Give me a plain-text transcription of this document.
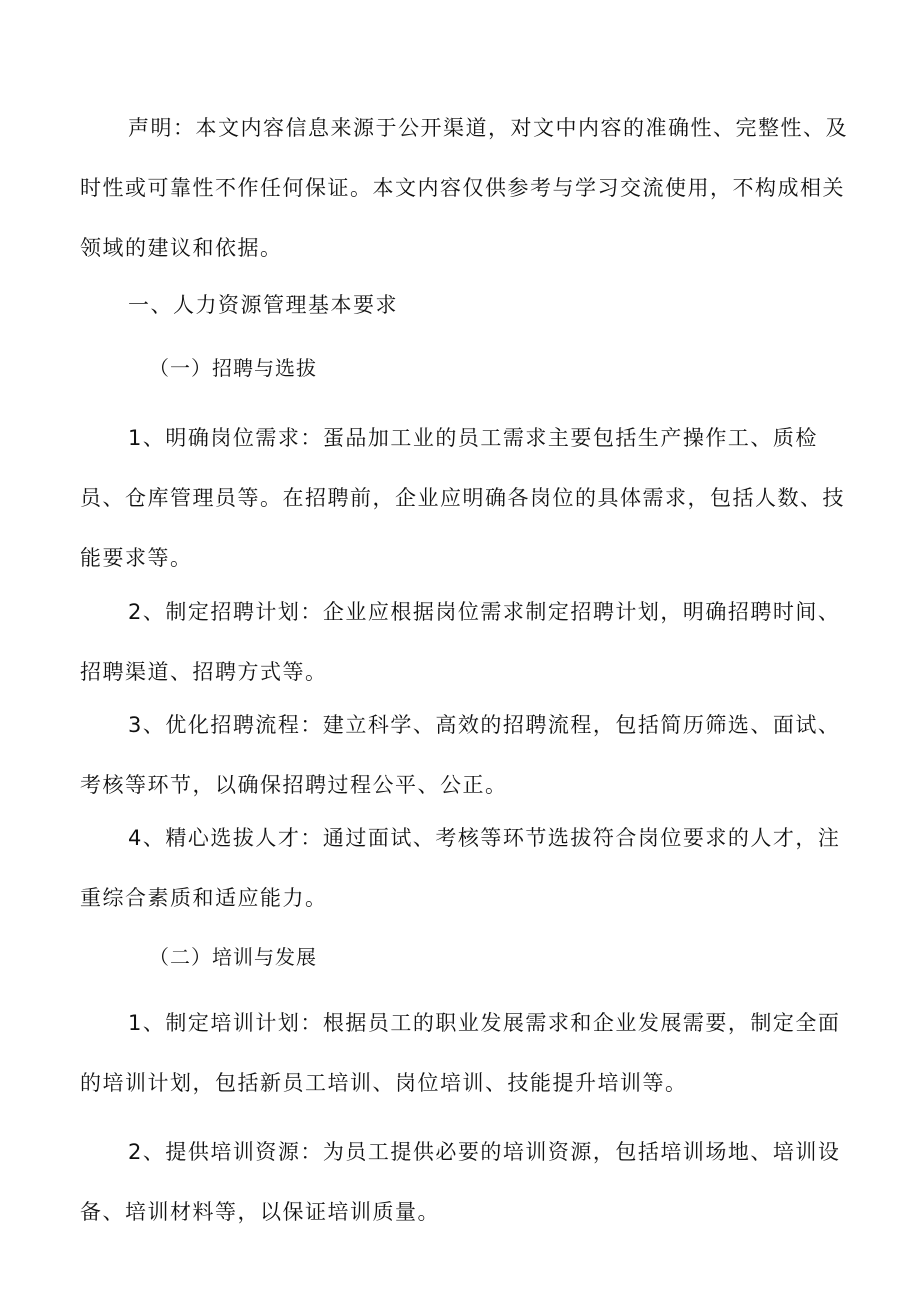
声明：本文内容信息来源于公开渠道，对文中内容的准确性、完整性、及时性或可靠性不作任何保证。本文内容仅供参考与学习交流使用，不构成相关领域的建议和依据。
一、人力资源管理基本要求
（一）招聘与选拔
1、明确岗位需求：蛋品加工业的员工需求主要包括生产操作工、质检员、仓库管理员等。在招聘前，企业应明确各岗位的具体需求，包括人数、技能要求等。
2、制定招聘计划：企业应根据岗位需求制定招聘计划，明确招聘时间、招聘渠道、招聘方式等。
3、优化招聘流程：建立科学、高效的招聘流程，包括简历筛选、面试、考核等环节，以确保招聘过程公平、公正。
4、精心选拔人才：通过面试、考核等环节选拔符合岗位要求的人才，注重综合素质和适应能力。
（二）培训与发展
1、制定培训计划：根据员工的职业发展需求和企业发展需要，制定全面的培训计划，包括新员工培训、岗位培训、技能提升培训等。
2、提供培训资源：为员工提供必要的培训资源，包括培训场地、培训设备、培训材料等，以保证培训质量。
